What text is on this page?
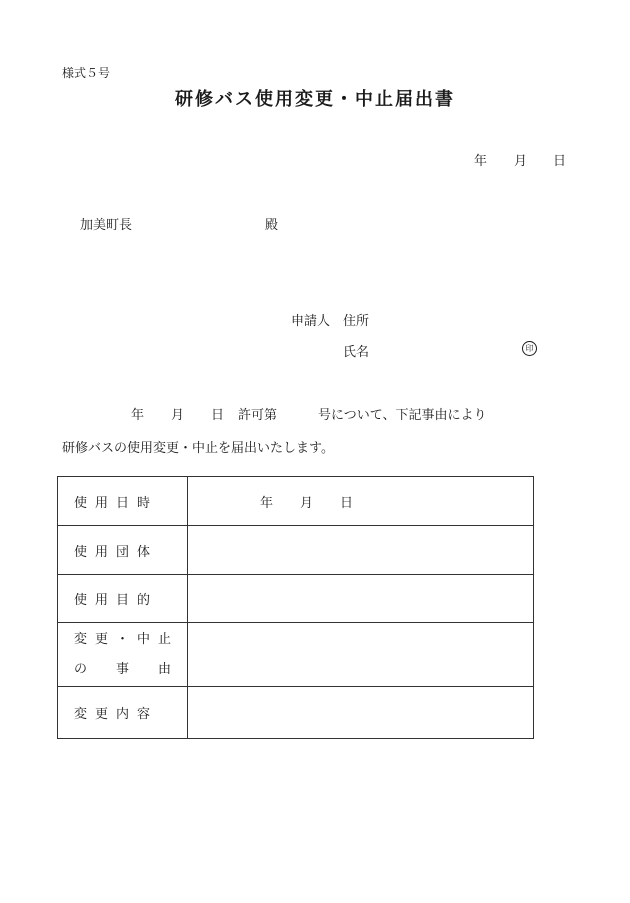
様式５号
研修バス使用変更・中止届出書
年 月 日
加美町長	殿
申請人 住所
氏名	印
年 月 日 許可第	号について、下記事由により
研修バスの使用変更・中止を届出いたします。
使用日時	年 月 日

使用団体	
使用目的	

変更・中止
の　事　由	

変更内容	
